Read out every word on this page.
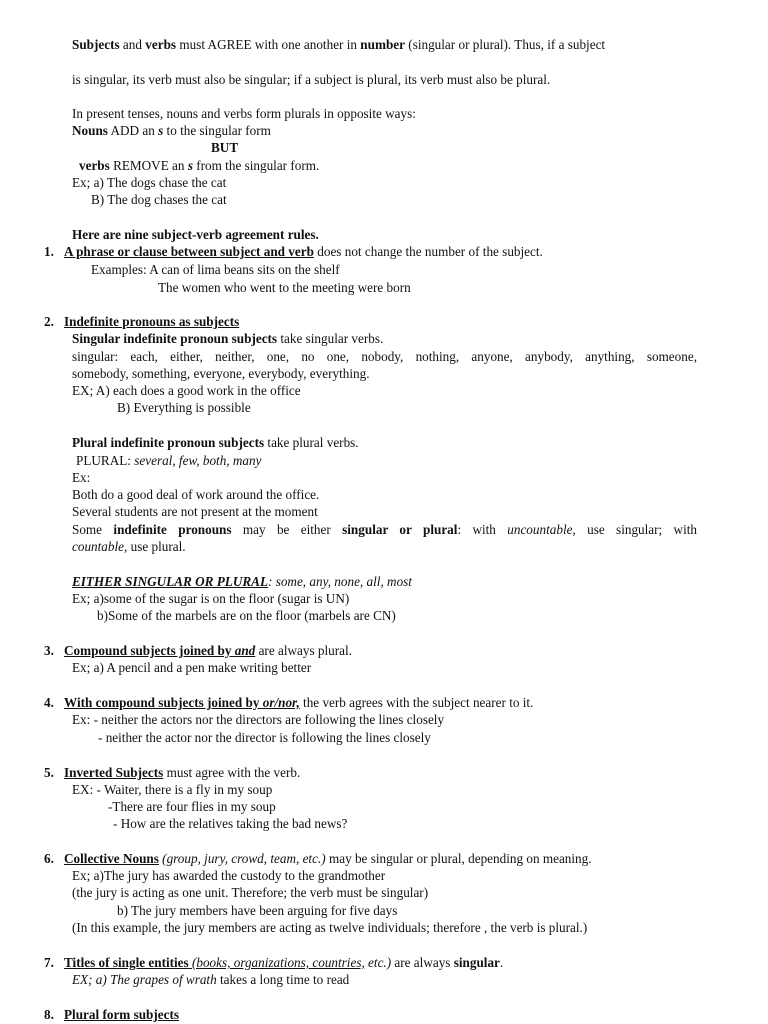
Subjects and verbs must AGREE with one another in number (singular or plural). Thus, if a subject
is singular, its verb must also be singular; if a subject is plural, its verb must also be plural.
In present tenses, nouns and verbs form plurals in opposite ways:
Nouns ADD an s to the singular form
BUT
verbs REMOVE an s from the singular form.
Ex; a) The dogs chase the cat
B) The dog chases the cat
Here are nine subject-verb agreement rules.
1. A phrase or clause between subject and verb does not change the number of the subject.
Examples: A can of lima beans sits on the shelf
The women who went to the meeting were born
2. Indefinite pronouns as subjects
Singular indefinite pronoun subjects take singular verbs.
singular: each, either, neither, one, no one, nobody, nothing, anyone, anybody, anything, someone,
somebody, something, everyone, everybody, everything.
EX; A) each does a good work in the office
B) Everything is possible
Plural indefinite pronoun subjects take plural verbs.
PLURAL: several, few, both, many
Ex:
Both do a good deal of work around the office.
Several students are not present at the moment
Some indefinite pronouns may be either singular or plural: with uncountable, use singular; with
countable, use plural.
EITHER SINGULAR OR PLURAL: some, any, none, all, most
Ex; a)some of the sugar is on the floor (sugar is UN)
b)Some of the marbels are on the floor (marbels are CN)
3. Compound subjects joined by and are always plural.
Ex; a) A pencil and a pen make writing better
4. With compound subjects joined by or/nor, the verb agrees with the subject nearer to it.
Ex: - neither the actors nor the directors are following the lines closely
- neither the actor nor the director is following the lines closely
5. Inverted Subjects must agree with the verb.
EX: - Waiter, there is a fly in my soup
-There are four flies in my soup
- How are the relatives taking the bad news?
6. Collective Nouns (group, jury, crowd, team, etc.) may be singular or plural, depending on meaning.
Ex; a)The jury has awarded the custody to the grandmother
(the jury is acting as one unit. Therefore; the verb must be singular)
b) The jury members have been arguing for five days
(In this example, the jury members are acting as twelve individuals; therefore , the verb is plural.)
7. Titles of single entities (books, organizations, countries, etc.) are always singular.
EX; a) The grapes of wrath takes a long time to read
8. Plural form subjects
